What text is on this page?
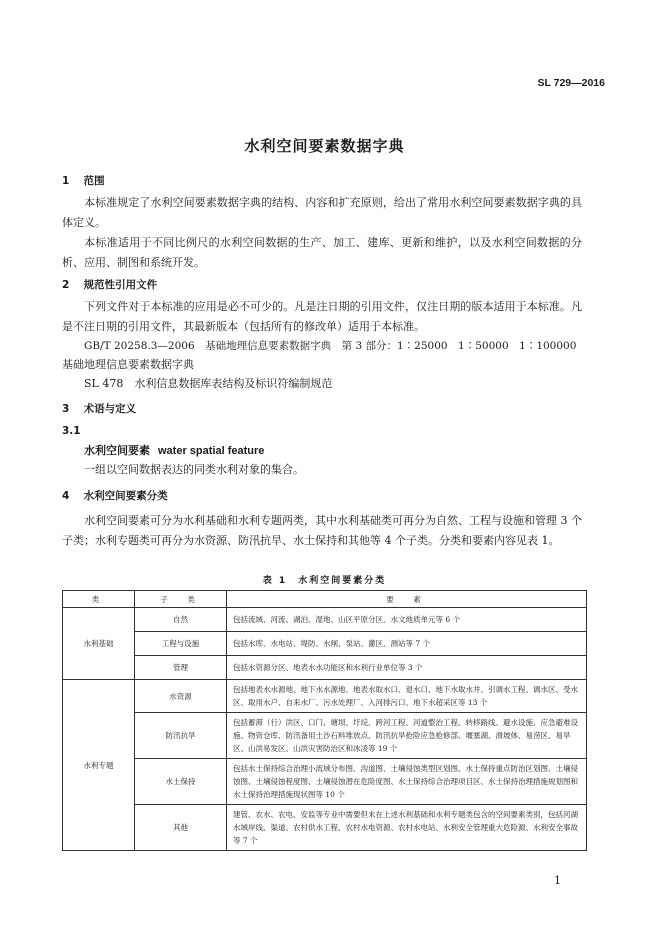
SL 729—2016
水利空间要素数据字典
1 范围
本标准规定了水利空间要素数据字典的结构、内容和扩充原则，给出了常用水利空间要素数据字典的具体定义。
本标准适用于不同比例尺的水利空间数据的生产、加工、建库、更新和维护，以及水利空间数据的分析、应用、制图和系统开发。
2 规范性引用文件
下列文件对于本标准的应用是必不可少的。凡是注日期的引用文件，仅注日期的版本适用于本标准。凡是不注日期的引用文件，其最新版本（包括所有的修改单）适用于本标准。
GB/T 20258.3—2006　基础地理信息要素数据字典　第 3 部分：1∶25000　1∶50000　1∶100000
基础地理信息要素数据字典
SL 478　水利信息数据库表结构及标识符编制规范
3 术语与定义
3.1
水利空间要素 water spatial feature
一组以空间数据表达的同类水利对象的集合。
4 水利空间要素分类
水利空间要素可分为水利基础和水利专题两类，其中水利基础类可再分为自然、工程与设施和管理 3 个子类；水利专题类可再分为水资源、防汛抗旱、水土保持和其他等 4 个子类。分类和要素内容见表 1。
表 1　水利空间要素分类
类	子　类	要　素
水利基础	自然	包括流域、河流、湖泊、湿地、山区平原分区、水文地质单元等 6 个
	工程与设施	包括水库、水电站、堤防、水闸、泵站、灌区、测站等 7 个
	管理	包括水资源分区、地表水水功能区和水利行业单位等 3 个
水利专题	水资源	包括地表水水源地、地下水水源地、地表水取水口、退水口、地下水取水井、引调水工程、调水区、受水区、取用水户、自来水厂、污水处理厂、入河排污口、地下水超采区等 13 个
	防汛抗旱	包括蓄滞（行）洪区、口门、塘坝、圩垸、跨河工程、河道整治工程、转移路线、避水设施、应急避难设施、物资仓库、防汛备用土沙石料堆放点、防汛抗旱抢险应急抢修部、堰塞湖、滑坡体、易涝区、易旱区、山洪易发区、山洪灾害防治区和冰凌等 19 个
	水土保持	包括水土保持综合治理小流域分布图、沟道图、土壤侵蚀类型区划图、水土保持重点防治区划图、土壤侵蚀图、土壤侵蚀程度图、土壤侵蚀潜在危险度图、水土保持综合治理项目区、水土保持治理措施规划图和水土保持治理措施现状图等 10 个
	其他	建管、农水、农电、安监等专业中需要但未在上述水利基础和水利专题类包含的空间要素类别，包括河湖水域岸线、渠道、农村供水工程、农村水电资源、农村水电站、水利安全管理重大危险源、水利安全事故等 7 个
1
